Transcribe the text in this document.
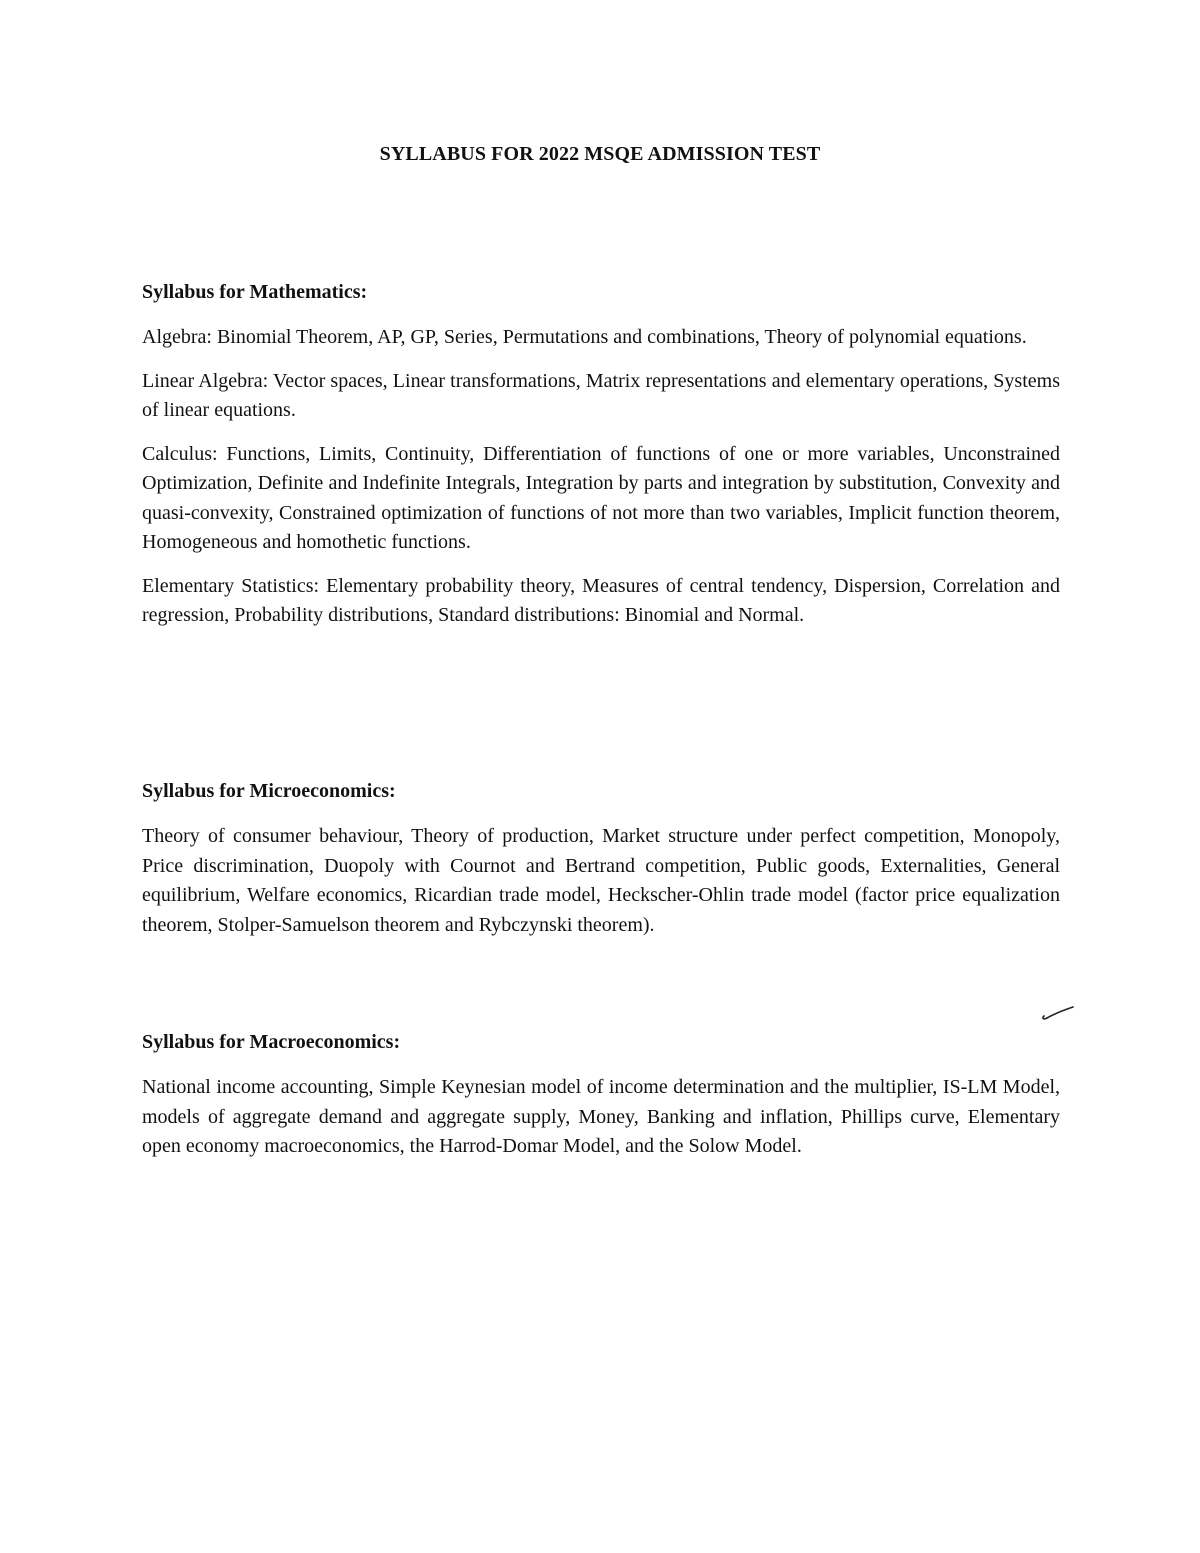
SYLLABUS FOR 2022 MSQE ADMISSION TEST

Syllabus for Mathematics:

Algebra: Binomial Theorem, AP, GP, Series, Permutations and combinations, Theory of polynomial equations.

Linear Algebra: Vector spaces, Linear transformations, Matrix representations and elementary operations, Systems of linear equations.

Calculus: Functions, Limits, Continuity, Differentiation of functions of one or more variables, Unconstrained Optimization, Definite and Indefinite Integrals, Integration by parts and integration by substitution, Convexity and quasi-convexity, Constrained optimization of functions of not more than two variables, Implicit function theorem, Homogeneous and homothetic functions.

Elementary Statistics: Elementary probability theory, Measures of central tendency, Dispersion, Correlation and regression, Probability distributions, Standard distributions: Binomial and Normal.

Syllabus for Microeconomics:

Theory of consumer behaviour, Theory of production, Market structure under perfect competition, Monopoly, Price discrimination, Duopoly with Cournot and Bertrand competition, Public goods, Externalities, General equilibrium, Welfare economics, Ricardian trade model, Heckscher-Ohlin trade model (factor price equalization theorem, Stolper-Samuelson theorem and Rybczynski theorem).

Syllabus for Macroeconomics:

National income accounting, Simple Keynesian model of income determination and the multiplier, IS-LM Model, models of aggregate demand and aggregate supply, Money, Banking and inflation, Phillips curve, Elementary open economy macroeconomics, the Harrod-Domar Model, and the Solow Model.
